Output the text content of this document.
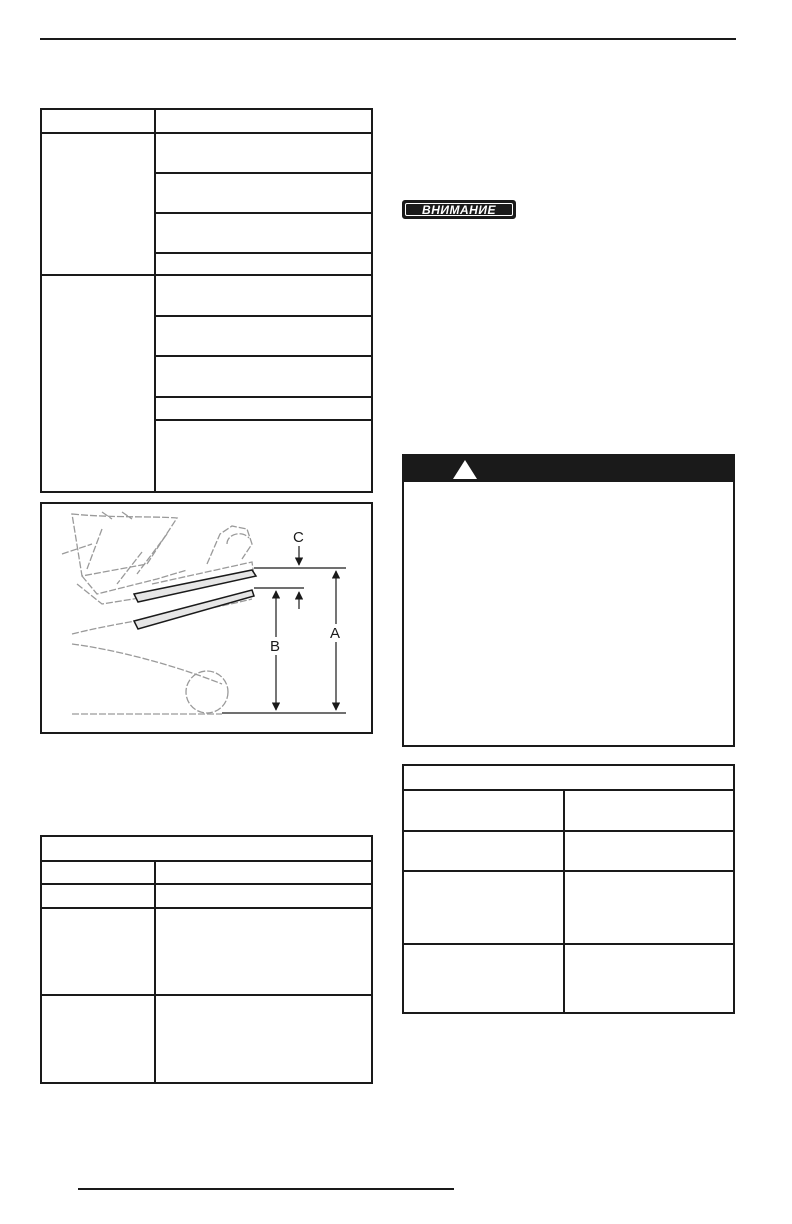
A
B
C
ВНИМАНИЕ
